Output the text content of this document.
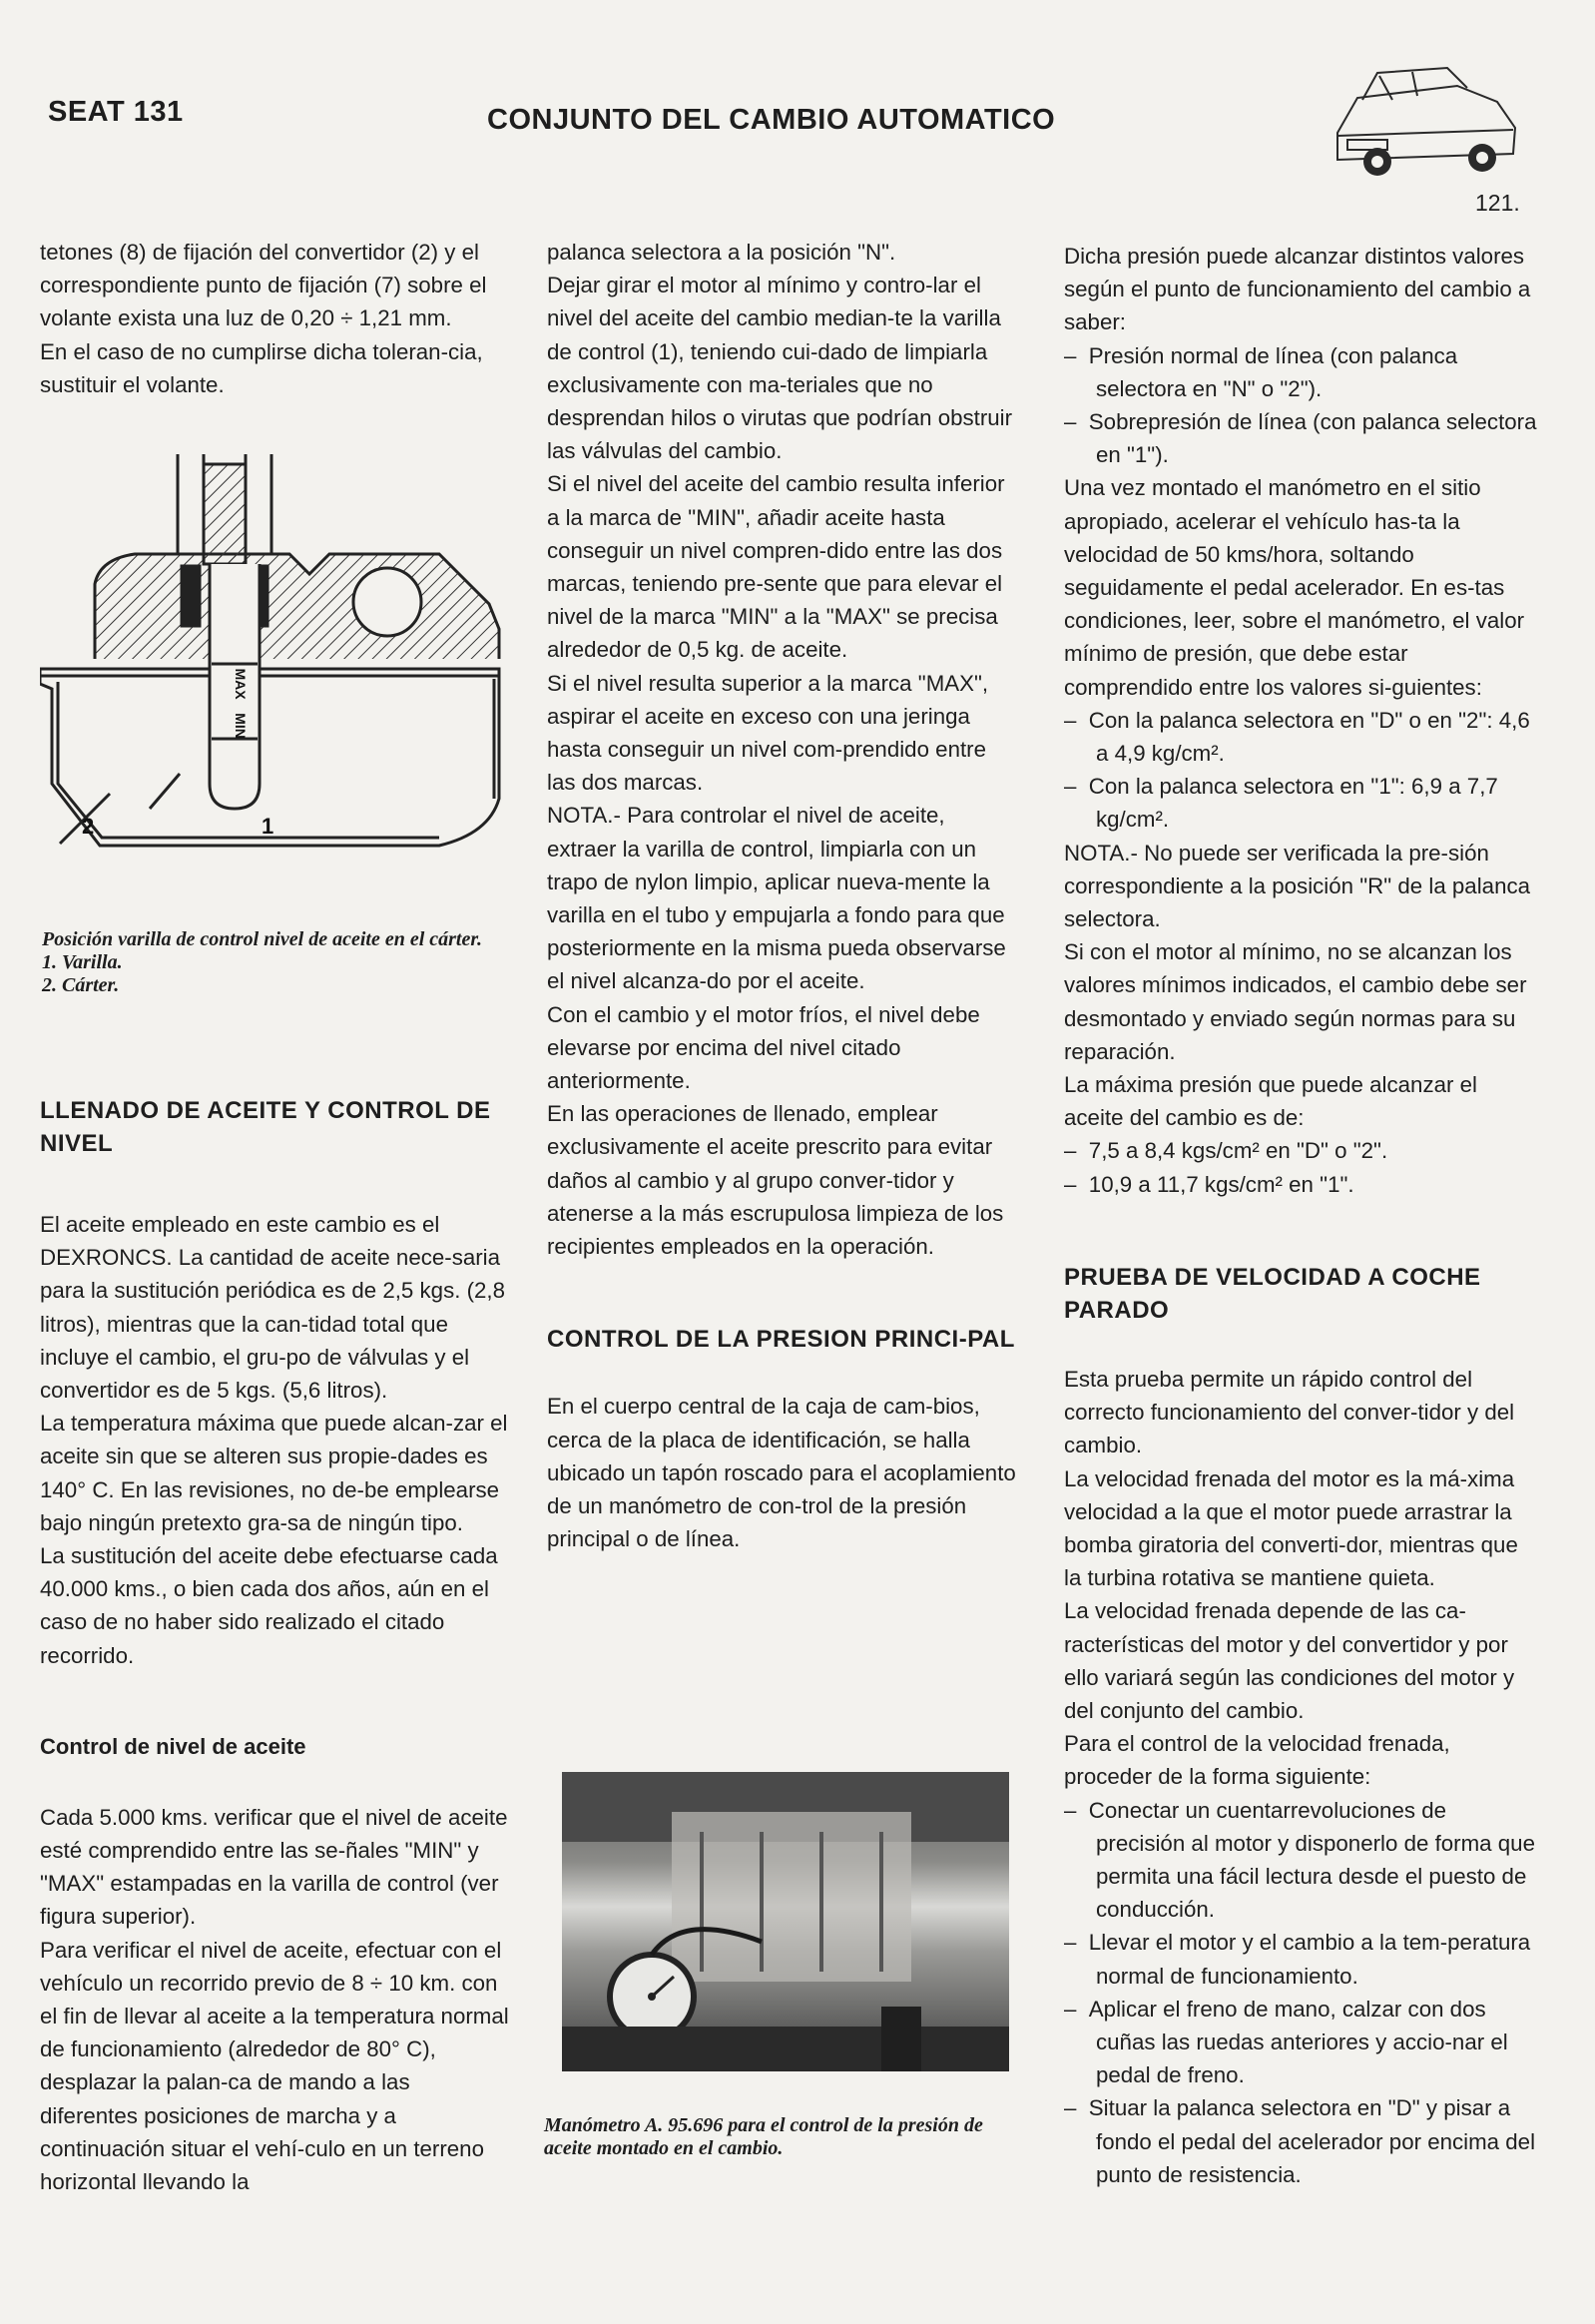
SEAT 131	CONJUNTO DEL CAMBIO AUTOMATICO
121.

tetones (8) de fijación del convertidor (2) y el correspondiente punto de fijación (7) sobre el volante exista una luz de 0,20 ÷ 1,21 mm.

En el caso de no cumplirse dicha toleran-cia, sustituir el volante.

MAX
MIN
2	1
Posición varilla de control nivel de aceite en el cárter.
1. Varilla.
2. Cárter.
LLENADO DE ACEITE Y CONTROL DE NIVEL

El aceite empleado en este cambio es el DEXRONCS. La cantidad de aceite nece-saria para la sustitución periódica es de 2,5 kgs. (2,8 litros), mientras que la can-tidad total que incluye el cambio, el gru-po de válvulas y el convertidor es de 5 kgs. (5,6 litros).

La temperatura máxima que puede alcan-zar el aceite sin que se alteren sus propie-dades es 140° C. En las revisiones, no de-be emplearse bajo ningún pretexto gra-sa de ningún tipo.

La sustitución del aceite debe efectuarse cada 40.000 kms., o bien cada dos años, aún en el caso de no haber sido realizado el citado recorrido.

Control de nivel de aceite

Cada 5.000 kms. verificar que el nivel de aceite esté comprendido entre las se-ñales "MIN" y "MAX" estampadas en la varilla de control (ver figura superior).

Para verificar el nivel de aceite, efectuar con el vehículo un recorrido previo de 8 ÷ 10 km. con el fin de llevar al aceite a la temperatura normal de funcionamiento (alrededor de 80° C), desplazar la palan-ca de mando a las diferentes posiciones de marcha y a continuación situar el vehí-culo en un terreno horizontal llevando la

palanca selectora a la posición "N".

Dejar girar el motor al mínimo y contro-lar el nivel del aceite del cambio median-te la varilla de control (1), teniendo cui-dado de limpiarla exclusivamente con ma-teriales que no desprendan hilos o virutas que podrían obstruir las válvulas del cambio.

Si el nivel del aceite del cambio resulta inferior a la marca de "MIN", añadir aceite hasta conseguir un nivel compren-dido entre las dos marcas, teniendo pre-sente que para elevar el nivel de la marca "MIN" a la "MAX" se precisa alrededor de 0,5 kg. de aceite.

Si el nivel resulta superior a la marca "MAX", aspirar el aceite en exceso con una jeringa hasta conseguir un nivel com-prendido entre las dos marcas.

NOTA.- Para controlar el nivel de aceite, extraer la varilla de control, limpiarla con un trapo de nylon limpio, aplicar nueva-mente la varilla en el tubo y empujarla a fondo para que posteriormente en la misma pueda observarse el nivel alcanza-do por el aceite.

Con el cambio y el motor fríos, el nivel debe elevarse por encima del nivel citado anteriormente.

En las operaciones de llenado, emplear exclusivamente el aceite prescrito para evitar daños al cambio y al grupo conver-tidor y atenerse a la más escrupulosa limpieza de los recipientes empleados en la operación.

CONTROL DE LA PRESION PRINCI-PAL

En el cuerpo central de la caja de cam-bios, cerca de la placa de identificación, se halla ubicado un tapón roscado para el acoplamiento de un manómetro de con-trol de la presión principal o de línea.

Manómetro A. 95.696 para el control de la presión de aceite montado en el cambio.

Dicha presión puede alcanzar distintos valores según el punto de funcionamiento del cambio a saber:

–  Presión normal de línea (con palanca selectora en "N" o "2").

–  Sobrepresión de línea (con palanca selectora en "1").

Una vez montado el manómetro en el sitio apropiado, acelerar el vehículo has-ta la velocidad de 50 kms/hora, soltando seguidamente el pedal acelerador. En es-tas condiciones, leer, sobre el manómetro, el valor mínimo de presión, que debe estar comprendido entre los valores si-guientes:

–  Con la palanca selectora en "D" o en "2": 4,6 a 4,9 kg/cm².

–  Con la palanca selectora en "1": 6,9 a 7,7 kg/cm².

NOTA.- No puede ser verificada la pre-sión correspondiente a la posición "R" de la palanca selectora.

Si con el motor al mínimo, no se alcanzan los valores mínimos indicados, el cambio debe ser desmontado y enviado según normas para su reparación.

La máxima presión que puede alcanzar el aceite del cambio es de:

–  7,5 a 8,4 kgs/cm² en "D" o "2".

–  10,9 a 11,7 kgs/cm² en "1".

PRUEBA DE VELOCIDAD A COCHE PARADO

Esta prueba permite un rápido control del correcto funcionamiento del conver-tidor y del cambio.

La velocidad frenada del motor es la má-xima velocidad a la que el motor puede arrastrar la bomba giratoria del converti-dor, mientras que la turbina rotativa se mantiene quieta.

La velocidad frenada depende de las ca-racterísticas del motor y del convertidor y por ello variará según las condiciones del motor y del conjunto del cambio.

Para el control de la velocidad frenada, proceder de la forma siguiente:

–  Conectar un cuentarrevoluciones de precisión al motor y disponerlo de forma que permita una fácil lectura desde el puesto de conducción.

–  Llevar el motor y el cambio a la tem-peratura normal de funcionamiento.

–  Aplicar el freno de mano, calzar con dos cuñas las ruedas anteriores y accio-nar el pedal de freno.

–  Situar la palanca selectora en "D" y pisar a fondo el pedal del acelerador por encima del punto de resistencia.
